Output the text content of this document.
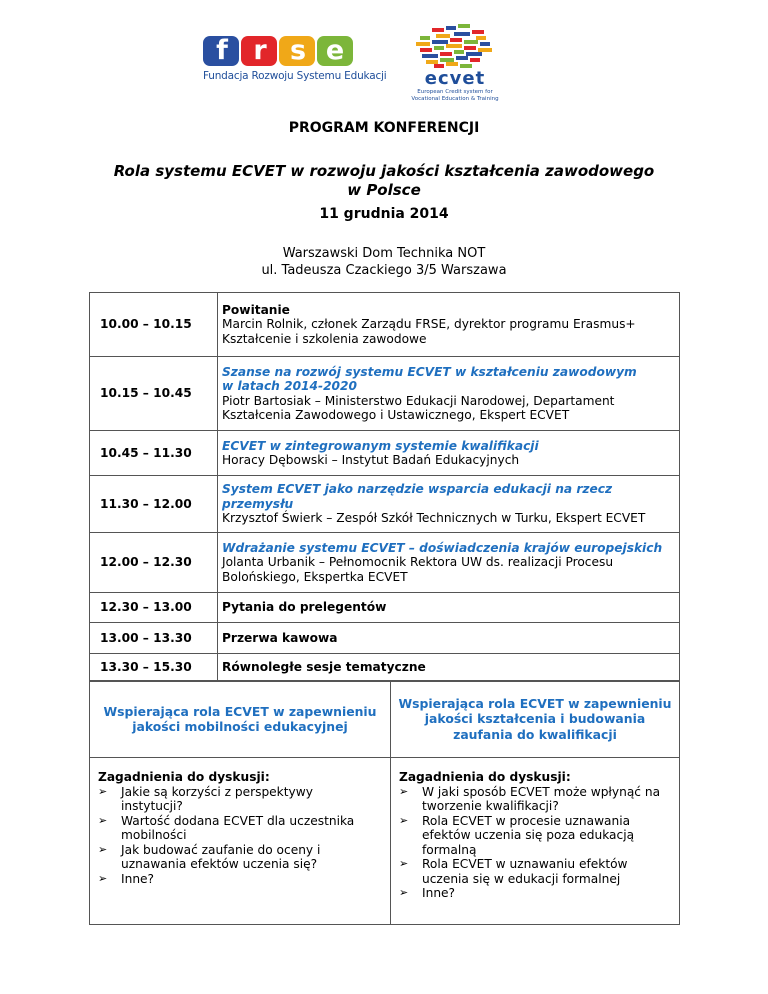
f r s e
Fundacja Rozwoju Systemu Edukacji	ecvet
European Credit system for
Vocational Education & Training
PROGRAM KONFERENCJI
Rola systemu ECVET w rozwoju jakości kształcenia zawodowego
w Polsce
11 grudnia 2014
Warszawski Dom Technika NOT
ul. Tadeusza Czackiego 3/5 Warszawa
10.00 – 10.15	Powitanie
Marcin Rolnik, członek Zarządu FRSE, dyrektor programu Erasmus+
Kształcenie i szkolenia zawodowe

10.15 – 10.45	Szanse na rozwój systemu ECVET w kształceniu zawodowym
w latach 2014-2020
Piotr Bartosiak – Ministerstwo Edukacji Narodowej, Departament
Kształcenia Zawodowego i Ustawicznego, Ekspert ECVET

10.45 – 11.30	ECVET w zintegrowanym systemie kwalifikacji
Horacy Dębowski – Instytut Badań Edukacyjnych

11.30 – 12.00	System ECVET jako narzędzie wsparcia edukacji na rzecz
przemysłu
Krzysztof Świerk – Zespół Szkół Technicznych w Turku, Ekspert ECVET

12.00 – 12.30	Wdrażanie systemu ECVET – doświadczenia krajów europejskich
Jolanta Urbanik – Pełnomocnik Rektora UW ds. realizacji Procesu
Bolońskiego, Ekspertka ECVET

12.30 – 13.00	Pytania do prelegentów
13.00 – 13.30	Przerwa kawowa
13.30 – 15.30	Równoległe sesje tematyczne
Wspierająca rola ECVET w zapewnieniu
jakości mobilności edukacyjnej
Wspierająca rola ECVET w zapewnieniu
jakości kształcenia i budowania
zaufania do kwalifikacji
Zagadnienia do dyskusji:
➢ Jakie są korzyści z perspektywy
instytucji?
➢ Wartość dodana ECVET dla uczestnika
mobilności
➢ Jak budować zaufanie do oceny i
uznawania efektów uczenia się?
➢ Inne?
Zagadnienia do dyskusji:
➢ W jaki sposób ECVET może wpłynąć na
tworzenie kwalifikacji?
➢ Rola ECVET w procesie uznawania
efektów uczenia się poza edukacją
formalną
➢ Rola ECVET w uznawaniu efektów
uczenia się w edukacji formalnej
➢ Inne?
